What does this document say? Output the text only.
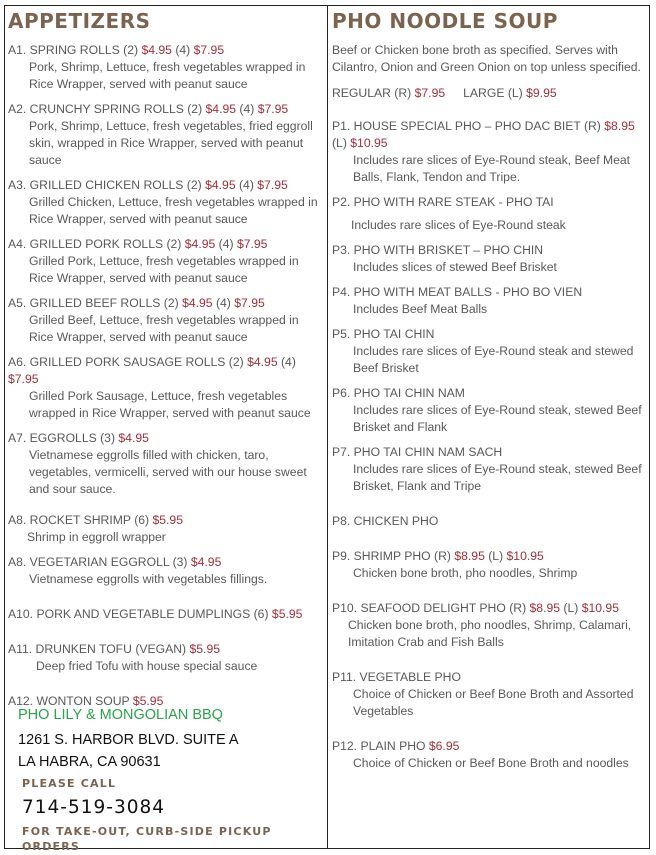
APPETIZERS
A1. SPRING ROLLS (2) $4.95 (4) $7.95
Pork, Shrimp, Lettuce, fresh vegetables wrapped in Rice Wrapper, served with peanut sauce
A2. CRUNCHY SPRING ROLLS (2) $4.95 (4) $7.95
Pork, Shrimp, Lettuce, fresh vegetables, fried eggroll skin, wrapped in Rice Wrapper, served with peanut sauce
A3. GRILLED CHICKEN ROLLS (2) $4.95 (4) $7.95
Grilled Chicken, Lettuce, fresh vegetables wrapped in Rice Wrapper, served with peanut sauce
A4. GRILLED PORK ROLLS (2) $4.95 (4) $7.95
Grilled Pork, Lettuce, fresh vegetables wrapped in Rice Wrapper, served with peanut sauce
A5. GRILLED BEEF ROLLS (2) $4.95 (4) $7.95
Grilled Beef, Lettuce, fresh vegetables wrapped in Rice Wrapper, served with peanut sauce
A6. GRILLED PORK SAUSAGE ROLLS (2) $4.95 (4) $7.95
Grilled Pork Sausage, Lettuce, fresh vegetables wrapped in Rice Wrapper, served with peanut sauce
A7. EGGROLLS (3) $4.95
Vietnamese eggrolls filled with chicken, taro, vegetables, vermicelli, served with our house sweet and sour sauce.
A8. ROCKET SHRIMP (6) $5.95
Shrimp in eggroll wrapper
A8. VEGETARIAN EGGROLL (3) $4.95
Vietnamese eggrolls with vegetables fillings.
A10. PORK AND VEGETABLE DUMPLINGS (6) $5.95
A11. DRUNKEN TOFU (VEGAN) $5.95
Deep fried Tofu with house special sauce
A12. WONTON SOUP $5.95
PHO LILY & MONGOLIAN BBQ
1261 S. HARBOR BLVD. SUITE A
LA HABRA, CA 90631
PLEASE CALL
714-519-3084
FOR TAKE-OUT, CURB-SIDE PICKUP ORDERS
PHO NOODLE SOUP
Beef or Chicken bone broth as specified. Serves with Cilantro, Onion and Green Onion on top unless specified.
REGULAR (R) $7.95 LARGE (L) $9.95
P1. HOUSE SPECIAL PHO – PHO DAC BIET (R) $8.95
(L) $10.95
Includes rare slices of Eye-Round steak, Beef Meat Balls, Flank, Tendon and Tripe.
P2. PHO WITH RARE STEAK - PHO TAI
Includes rare slices of Eye-Round steak
P3. PHO WITH BRISKET – PHO CHIN
Includes slices of stewed Beef Brisket
P4. PHO WITH MEAT BALLS - PHO BO VIEN
Includes Beef Meat Balls
P5. PHO TAI CHIN
Includes rare slices of Eye-Round steak and stewed Beef Brisket
P6. PHO TAI CHIN NAM
Includes rare slices of Eye-Round steak, stewed Beef Brisket and Flank
P7. PHO TAI CHIN NAM SACH
Includes rare slices of Eye-Round steak, stewed Beef Brisket, Flank and Tripe
P8. CHICKEN PHO
P9. SHRIMP PHO (R) $8.95 (L) $10.95
Chicken bone broth, pho noodles, Shrimp
P10. SEAFOOD DELIGHT PHO (R) $8.95 (L) $10.95
Chicken bone broth, pho noodles, Shrimp, Calamari, Imitation Crab and Fish Balls
P11. VEGETABLE PHO
Choice of Chicken or Beef Bone Broth and Assorted Vegetables
P12. PLAIN PHO $6.95
Choice of Chicken or Beef Bone Broth and noodles
